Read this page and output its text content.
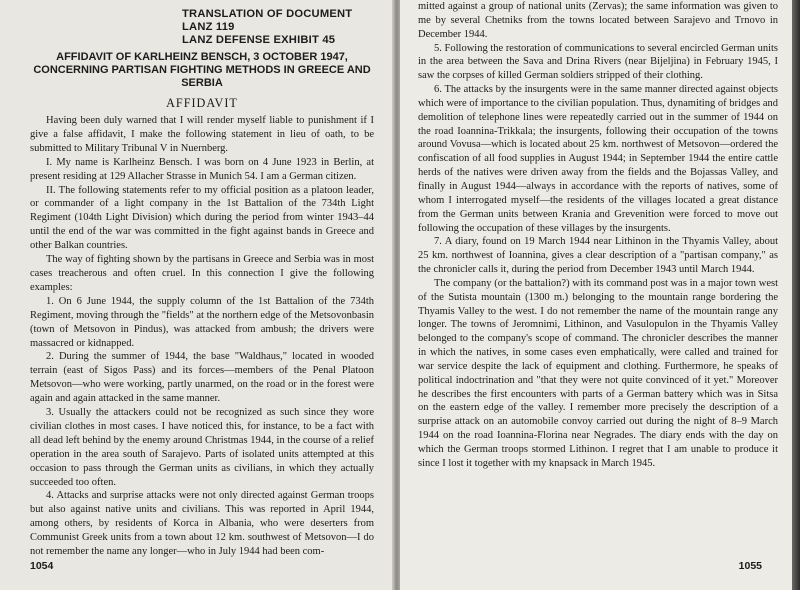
TRANSLATION OF DOCUMENT LANZ 119
LANZ DEFENSE EXHIBIT 45
AFFIDAVIT OF KARLHEINZ BENSCH, 3 OCTOBER 1947, CONCERNING PARTISAN FIGHTING METHODS IN GREECE AND SERBIA
AFFIDAVIT

Having been duly warned that I will render myself liable to punishment if I give a false affidavit, I make the following statement in lieu of oath, to be submitted to Military Tribunal V in Nuernberg.

I. My name is Karlheinz Bensch. I was born on 4 June 1923 in Berlin, at present residing at 129 Allacher Strasse in Munich 54. I am a German citizen.

II. The following statements refer to my official position as a platoon leader, or commander of a light company in the 1st Battalion of the 734th Light Regiment (104th Light Division) which during the period from winter 1943–44 until the end of the war was committed in the fight against bands in Greece and other Balkan countries.

The way of fighting shown by the partisans in Greece and Serbia was in most cases treacherous and often cruel. In this connection I give the following examples:

1. On 6 June 1944, the supply column of the 1st Battalion of the 734th Regiment, moving through the "fields" at the northern edge of the Metsovonbasin (town of Metsovon in Pindus), was attacked from ambush; the drivers were massacred or kidnapped.

2. During the summer of 1944, the base "Waldhaus," located in wooded terrain (east of Sigos Pass) and its forces—members of the Penal Platoon Metsovon—who were working, partly unarmed, on the road or in the forest were again and again attacked in the same manner.

3. Usually the attackers could not be recognized as such since they wore civilian clothes in most cases. I have noticed this, for instance, to be a fact with all dead left behind by the enemy around Christmas 1944, in the course of a relief operation in the area south of Sarajevo. Parts of isolated units attempted at this occasion to pass through the German units as civilians, in which they actually succeeded too often.

4. Attacks and surprise attacks were not only directed against German troops but also against native units and civilians. This was reported in April 1944, among others, by residents of Korca in Albania, who were deserters from Communist Greek units from a town about 12 km. southwest of Metsovon—I do not remember the name any longer—who in July 1944 had been com-

1054

mitted against a group of national units (Zervas); the same information was given to me by several Chetniks from the towns located between Sarajevo and Trnovo in December 1944.

5. Following the restoration of communications to several encircled German units in the area between the Sava and Drina Rivers (near Bijeljina) in February 1945, I saw the corpses of killed German soldiers stripped of their clothing.

6. The attacks by the insurgents were in the same manner directed against objects which were of importance to the civilian population. Thus, dynamiting of bridges and demolition of telephone lines were repeatedly carried out in the summer of 1944 on the road Ioannina-Trikkala; the insurgents, following their occupation of the towns around Vovusa—which is located about 25 km. northwest of Metsovon—ordered the confiscation of all food supplies in August 1944; in September 1944 the entire cattle herds of the natives were driven away from the fields and the Bojassas Valley, and finally in August 1944—always in accordance with the reports of natives, some of whom I interrogated myself—the residents of the villages located a great distance from the German units between Krania and Grevenition were forced to move out following the occupation of these villages by the insurgents.

7. A diary, found on 19 March 1944 near Lithinon in the Thyamis Valley, about 25 km. northwest of Ioannina, gives a clear description of a "partisan company," as the chronicler calls it, during the period from December 1943 until March 1944.

The company (or the battalion?) with its command post was in a major town west of the Sutista mountain (1300 m.) belonging to the mountain range bordering the Thyamis Valley to the west. I do not remember the name of the mountain range any longer. The towns of Jeromnimi, Lithinon, and Vasulopulon in the Thyamis Valley belonged to the company's scope of command. The chronicler describes the manner in which the natives, in some cases even emphatically, were called and trained for war service despite the lack of equipment and clothing. Furthermore, he speaks of political indoctrination and "that they were not quite convinced of it yet." Moreover he describes the first encounters with parts of a German battery which was in Sitsa on the eastern edge of the valley. I remember more precisely the description of a surprise attack on an automobile convoy carried out during the night of 8–9 March 1944 on the road Ioannina-Florina near Negrades. The diary ends with the day on which the German troops stormed Lithinon. I regret that I am unable to produce it since I lost it together with my knapsack in March 1945.

1055
